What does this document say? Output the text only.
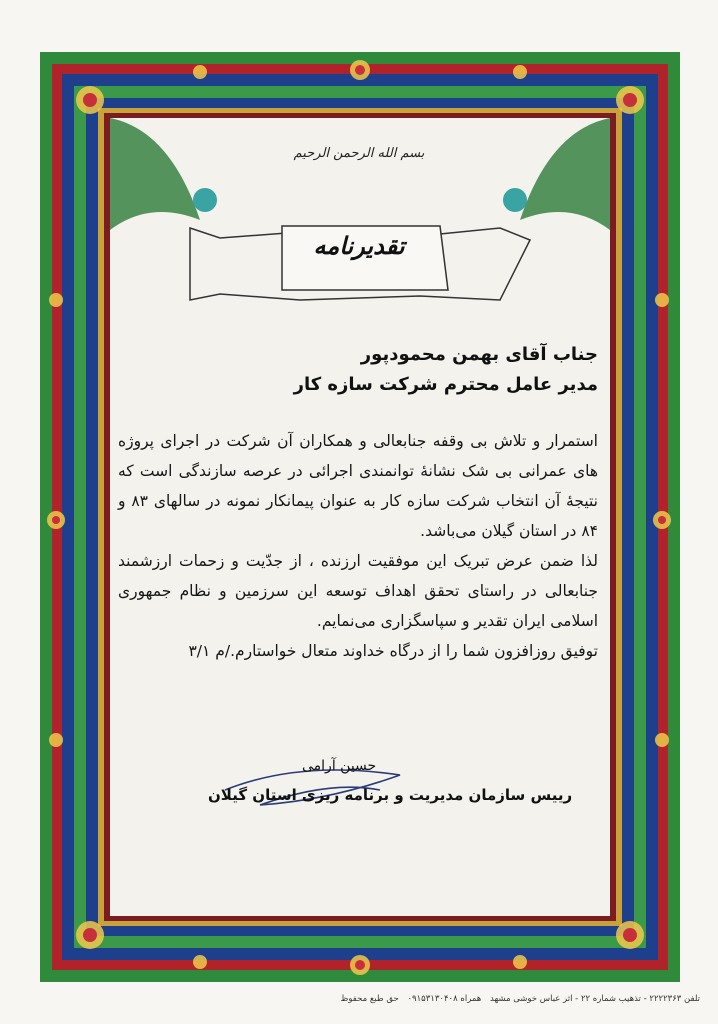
بسم الله الرحمن الرحیم
تقدیرنامه
جناب آقای بهمن محمودپور
مدیر عامل محترم شرکت سازه کار

استمرار و تلاش بی وقفه جنابعالی و همکاران آن شرکت در اجرای پروژه های عمرانی بی شک نشانهٔ توانمندی اجرائی در عرصه سازندگی است که نتیجهٔ آن انتخاب شرکت سازه کار به عنوان پیمانکار نمونه در سالهای ۸۳ و ۸۴ در استان گیلان می‌باشد.

لذا ضمن عرض تبریک این موفقیت ارزنده ، از جدّیت و زحمات ارزشمند جنابعالی در راستای تحقق اهداف توسعه این سرزمین و نظام جمهوری اسلامی ایران تقدیر و سپاسگزاری می‌نمایم.

توفیق روزافزون شما را از درگاه خداوند متعال خواستارم./م ۳/۱

حسین آرامی
رییس سازمان مدیریت و برنامه ریزی استان گیلان
تلفن ۲۲۲۲۳۶۳ - تذهیب شماره ۲۲ - اثر عباس خوشی مشهد همراه ۰۹۱۵۳۱۳۰۴۰۸ حق طبع محفوظ
